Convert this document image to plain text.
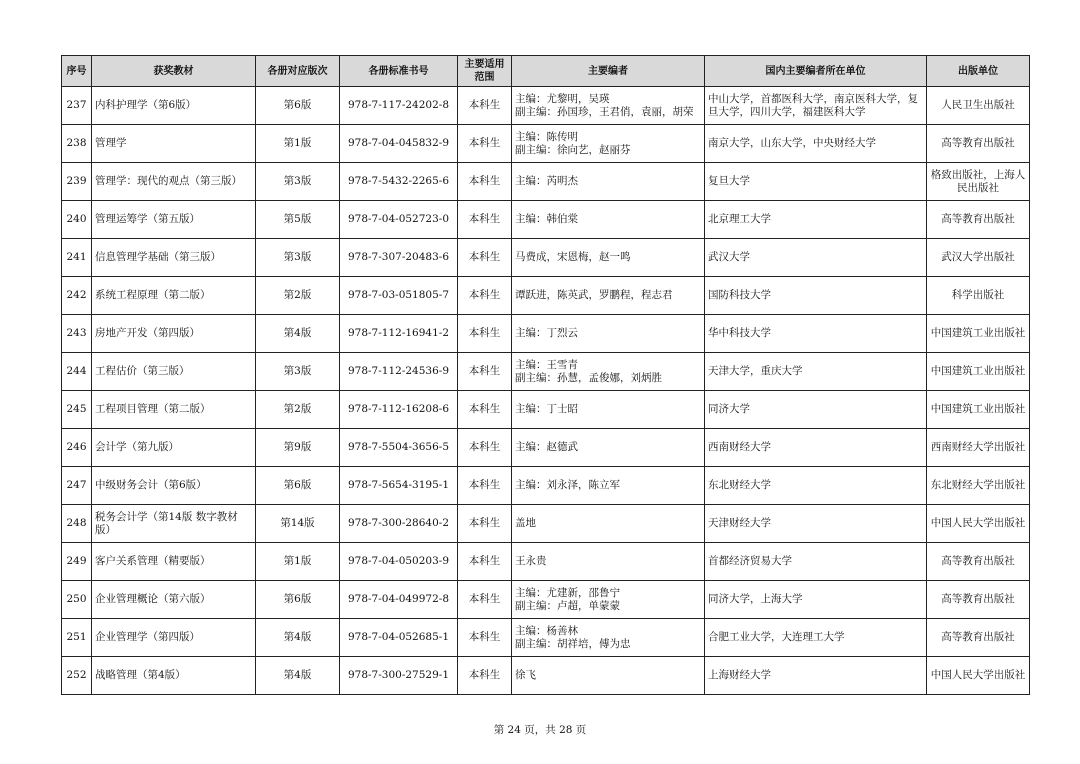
序号	获奖教材	各册对应版次	各册标准书号	主要适用范围	主要编者	国内主要编者所在单位	出版单位
237	内科护理学（第6版）	第6版	978-7-117-24202-8	本科生	主编：尤黎明，吴瑛
副主编：孙国珍，王君俏，袁丽，胡荣	中山大学，首都医科大学，南京医科大学，复旦大学，四川大学，福建医科大学	人民卫生出版社
238	管理学	第1版	978-7-04-045832-9	本科生	主编：陈传明
副主编：徐向艺，赵丽芬	南京大学，山东大学，中央财经大学	高等教育出版社
239	管理学：现代的观点（第三版）	第3版	978-7-5432-2265-6	本科生	主编：芮明杰	复旦大学	格致出版社，上海人民出版社
240	管理运筹学（第五版）	第5版	978-7-04-052723-0	本科生	主编：韩伯棠	北京理工大学	高等教育出版社
241	信息管理学基础（第三版）	第3版	978-7-307-20483-6	本科生	马费成，宋恩梅，赵一鸣	武汉大学	武汉大学出版社
242	系统工程原理（第二版）	第2版	978-7-03-051805-7	本科生	谭跃进，陈英武，罗鹏程，程志君	国防科技大学	科学出版社
243	房地产开发（第四版）	第4版	978-7-112-16941-2	本科生	主编：丁烈云	华中科技大学	中国建筑工业出版社
244	工程估价（第三版）	第3版	978-7-112-24536-9	本科生	主编：王雪青
副主编：孙慧，孟俊娜，刘炳胜	天津大学，重庆大学	中国建筑工业出版社
245	工程项目管理（第二版）	第2版	978-7-112-16208-6	本科生	主编：丁士昭	同济大学	中国建筑工业出版社
246	会计学（第九版）	第9版	978-7-5504-3656-5	本科生	主编：赵德武	西南财经大学	西南财经大学出版社
247	中级财务会计（第6版）	第6版	978-7-5654-3195-1	本科生	主编：刘永泽，陈立军	东北财经大学	东北财经大学出版社
248	税务会计学（第14版 数字教材版）	第14版	978-7-300-28640-2	本科生	盖地	天津财经大学	中国人民大学出版社
249	客户关系管理（精要版）	第1版	978-7-04-050203-9	本科生	王永贵	首都经济贸易大学	高等教育出版社
250	企业管理概论（第六版）	第6版	978-7-04-049972-8	本科生	主编：尤建新，邵鲁宁
副主编：卢超，单蒙蒙	同济大学，上海大学	高等教育出版社
251	企业管理学（第四版）	第4版	978-7-04-052685-1	本科生	主编：杨善林
副主编：胡祥培，傅为忠	合肥工业大学，大连理工大学	高等教育出版社
252	战略管理（第4版）	第4版	978-7-300-27529-1	本科生	徐飞	上海财经大学	中国人民大学出版社
第 24 页，共 28 页
